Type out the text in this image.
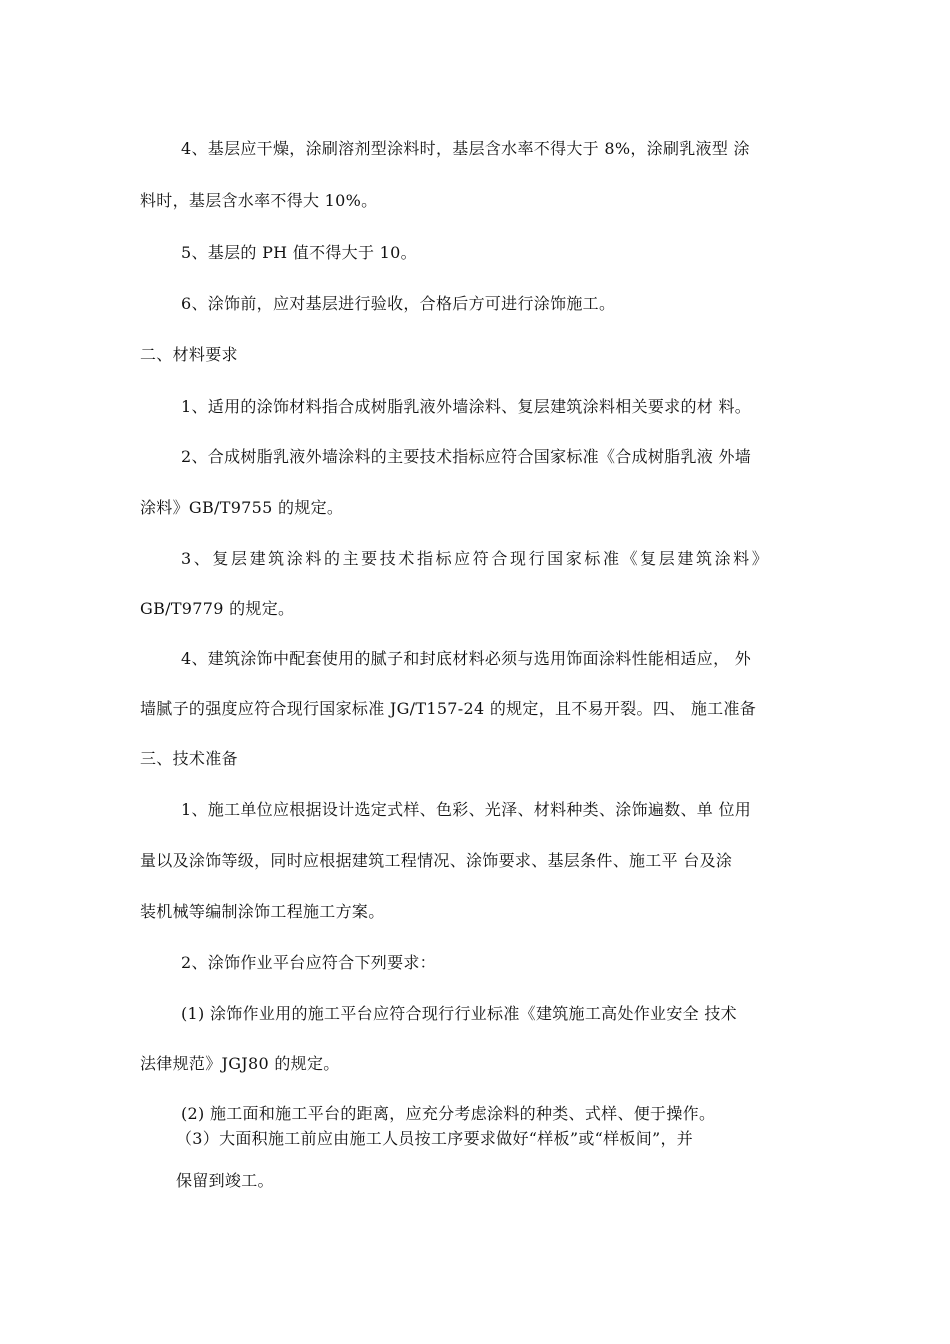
4、基层应干燥，涂刷溶剂型涂料时，基层含水率不得大于 8%，涂刷乳液型 涂
料时，基层含水率不得大 10%。
5、基层的 PH 值不得大于 10。
6、涂饰前，应对基层进行验收，合格后方可进行涂饰施工。
二、材料要求
1、适用的涂饰材料指合成树脂乳液外墙涂料、复层建筑涂料相关要求的材 料。
2、合成树脂乳液外墙涂料的主要技术指标应符合国家标准《合成树脂乳液 外墙
涂料》GB/T9755 的规定。
3、复层建筑涂料的主要技术指标应符合现行国家标准《复层建筑涂料》
GB/T9779 的规定。
4、建筑涂饰中配套使用的腻子和封底材料必须与选用饰面涂料性能相适应， 外
墙腻子的强度应符合现行国家标准 JG/T157-24 的规定，且不易开裂。四、 施工准备
三、技术准备
1、施工单位应根据设计选定式样、色彩、光泽、材料种类、涂饰遍数、单 位用
量以及涂饰等级，同时应根据建筑工程情况、涂饰要求、基层条件、施工平 台及涂
装机械等编制涂饰工程施工方案。
2、涂饰作业平台应符合下列要求：
(1) 涂饰作业用的施工平台应符合现行行业标准《建筑施工高处作业安全 技术
法律规范》JGJ80 的规定。
(2) 施工面和施工平台的距离，应充分考虑涂料的种类、式样、便于操作。
（3）大面积施工前应由施工人员按工序要求做好“样板”或“样板间”，并
保留到竣工。
